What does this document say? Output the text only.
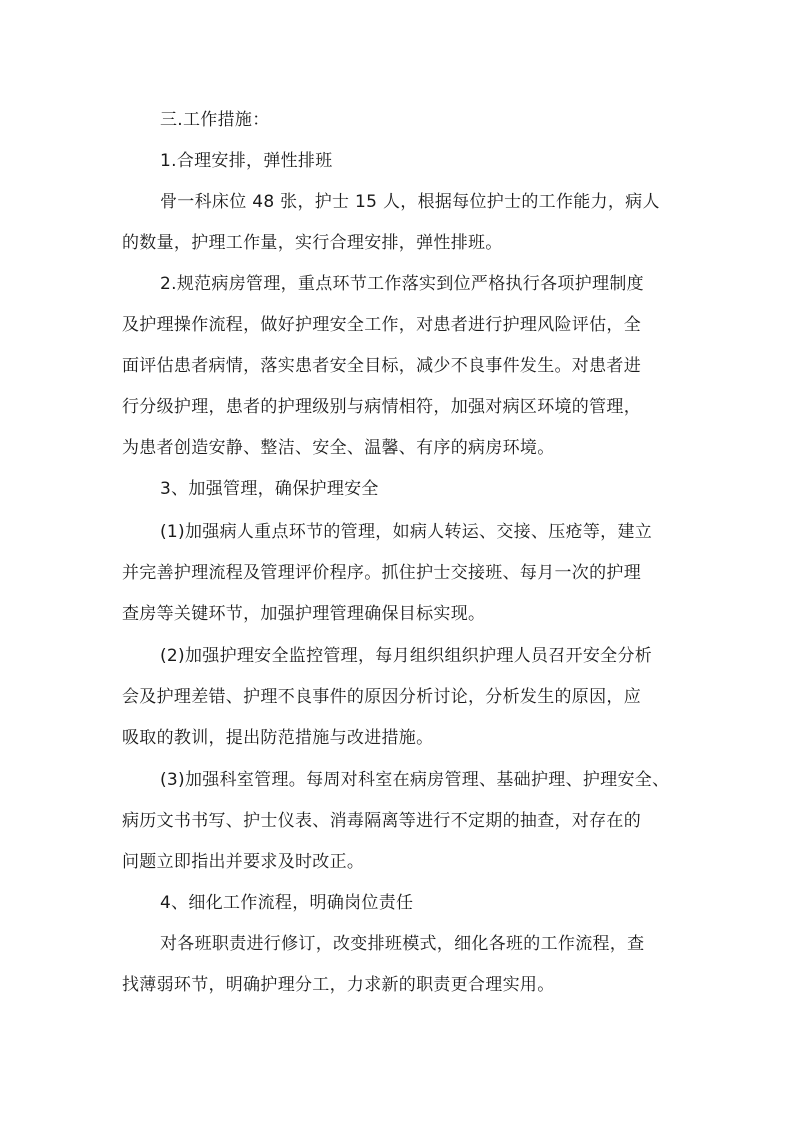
三.工作措施：
1.合理安排，弹性排班
骨一科床位 48 张，护士 15 人，根据每位护士的工作能力，病人
的数量，护理工作量，实行合理安排，弹性排班。
2.规范病房管理，重点环节工作落实到位严格执行各项护理制度
及护理操作流程，做好护理安全工作，对患者进行护理风险评估，全
面评估患者病情，落实患者安全目标，减少不良事件发生。对患者进
行分级护理，患者的护理级别与病情相符，加强对病区环境的管理，
为患者创造安静、整洁、安全、温馨、有序的病房环境。
3、加强管理，确保护理安全
(1)加强病人重点环节的管理，如病人转运、交接、压疮等，建立
并完善护理流程及管理评价程序。抓住护士交接班、每月一次的护理
查房等关键环节，加强护理管理确保目标实现。
(2)加强护理安全监控管理，每月组织组织护理人员召开安全分析
会及护理差错、护理不良事件的原因分析讨论，分析发生的原因，应
吸取的教训，提出防范措施与改进措施。
(3)加强科室管理。每周对科室在病房管理、基础护理、护理安全、
病历文书书写、护士仪表、消毒隔离等进行不定期的抽查，对存在的
问题立即指出并要求及时改正。
4、细化工作流程，明确岗位责任
对各班职责进行修订，改变排班模式，细化各班的工作流程，查
找薄弱环节，明确护理分工，力求新的职责更合理实用。
